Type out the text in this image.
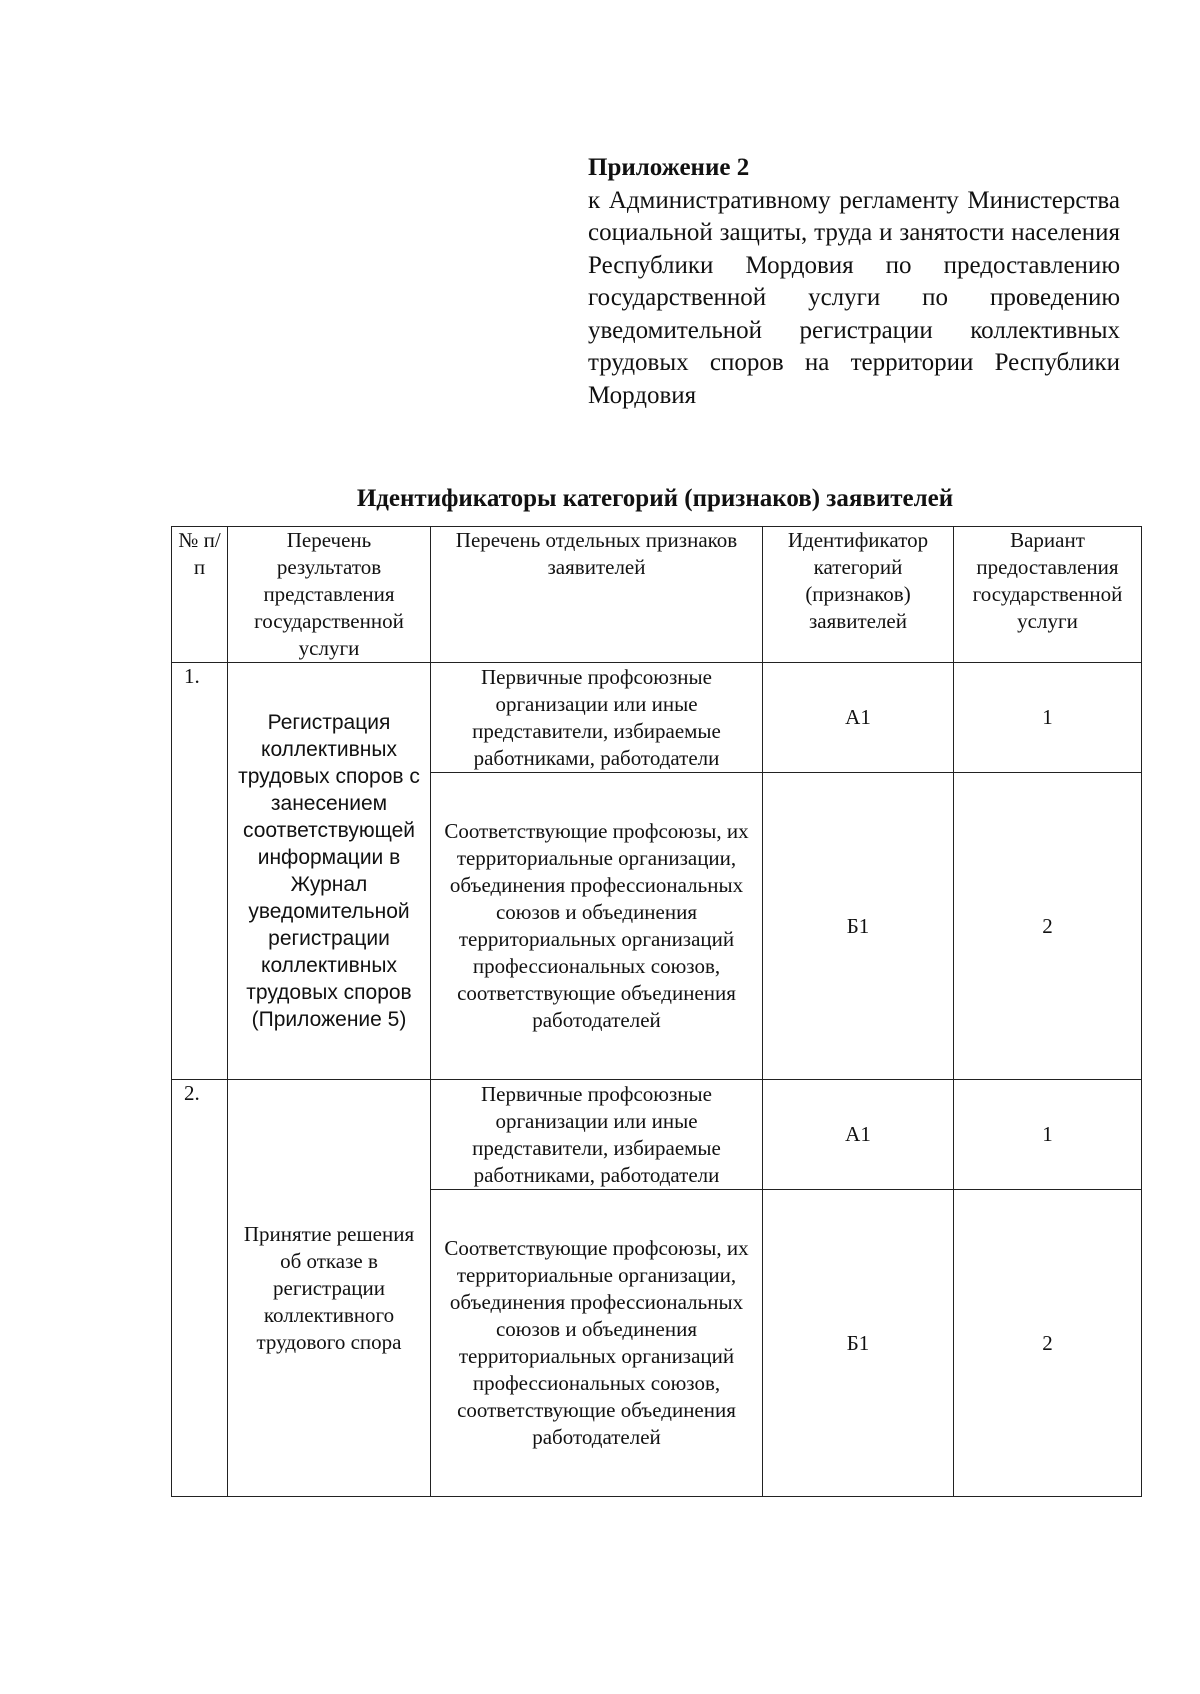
Приложение 2
к Административному регламенту Министерства социальной защиты, труда и занятости населения Республики Мордовия по предоставлению государственной услуги по проведению уведомительной регистрации коллективных трудовых споров на территории Республики Мордовия
Идентификаторы категорий (признаков) заявителей
№ п/п	Перечень результатов представления государственной услуги	Перечень отдельных признаков заявителей	Идентификатор категорий (признаков) заявителей	Вариант предоставления государственной услуги
1.	Регистрация коллективных трудовых споров с занесением соответствующей информации в Журнал уведомительной регистрации коллективных трудовых споров (Приложение 5)	Первичные профсоюзные организации или иные представители, избираемые работниками, работодатели	А1	1
		Соответствующие профсоюзы, их территориальные организации, объединения профессиональных союзов и объединения территориальных организаций профессиональных союзов, соответствующие объединения работодателей	Б1	2
2.	Принятие решения об отказе в регистрации коллективного трудового спора	Первичные профсоюзные организации или иные представители, избираемые работниками, работодатели	А1	1
		Соответствующие профсоюзы, их территориальные организации, объединения профессиональных союзов и объединения территориальных организаций профессиональных союзов, соответствующие объединения работодателей	Б1	2
